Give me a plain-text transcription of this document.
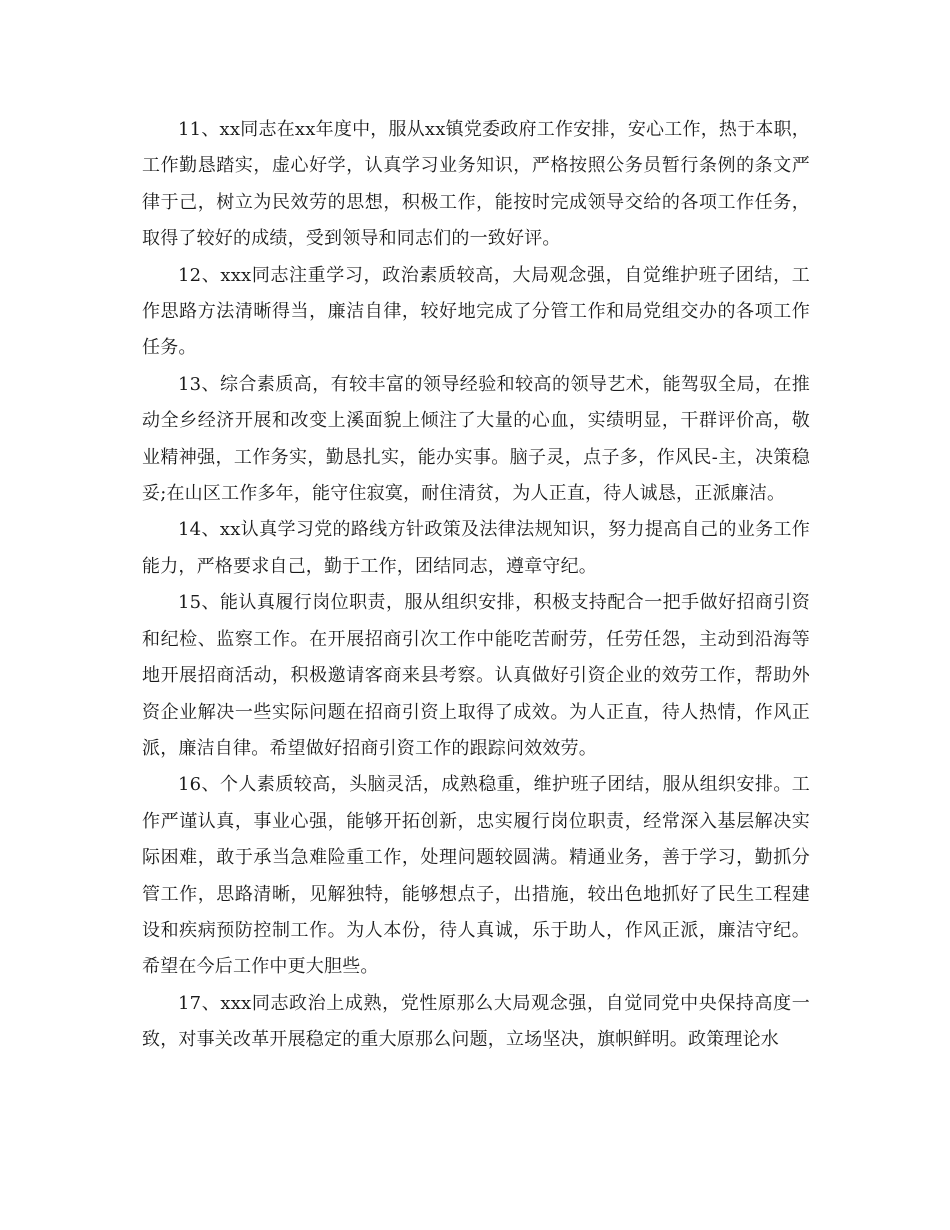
11、xx同志在xx年度中，服从xx镇党委政府工作安排，安心工作，热于本职，工作勤恳踏实，虚心好学，认真学习业务知识，严格按照公务员暂行条例的条文严律于己，树立为民效劳的思想，积极工作，能按时完成领导交给的各项工作任务，取得了较好的成绩，受到领导和同志们的一致好评。

12、xxx同志注重学习，政治素质较高，大局观念强，自觉维护班子团结，工作思路方法清晰得当，廉洁自律，较好地完成了分管工作和局党组交办的各项工作任务。

13、综合素质高，有较丰富的领导经验和较高的领导艺术，能驾驭全局，在推动全乡经济开展和改变上溪面貌上倾注了大量的心血，实绩明显，干群评价高，敬业精神强，工作务实，勤恳扎实，能办实事。脑子灵，点子多，作风民-主，决策稳妥;在山区工作多年，能守住寂寞，耐住清贫，为人正直，待人诚恳，正派廉洁。

14、xx认真学习党的路线方针政策及法律法规知识，努力提高自己的业务工作能力，严格要求自己，勤于工作，团结同志，遵章守纪。

15、能认真履行岗位职责，服从组织安排，积极支持配合一把手做好招商引资和纪检、监察工作。在开展招商引次工作中能吃苦耐劳，任劳任怨，主动到沿海等地开展招商活动，积极邀请客商来县考察。认真做好引资企业的效劳工作，帮助外资企业解决一些实际问题在招商引资上取得了成效。为人正直，待人热情，作风正派，廉洁自律。希望做好招商引资工作的跟踪问效效劳。

16、个人素质较高，头脑灵活，成熟稳重，维护班子团结，服从组织安排。工作严谨认真，事业心强，能够开拓创新，忠实履行岗位职责，经常深入基层解决实际困难，敢于承当急难险重工作，处理问题较圆满。精通业务，善于学习，勤抓分管工作，思路清晰，见解独特，能够想点子，出措施，较出色地抓好了民生工程建设和疾病预防控制工作。为人本份，待人真诚，乐于助人，作风正派，廉洁守纪。希望在今后工作中更大胆些。

17、xxx同志政治上成熟，党性原那么大局观念强，自觉同党中央保持高度一致，对事关改革开展稳定的重大原那么问题，立场坚决，旗帜鲜明。政策理论水
